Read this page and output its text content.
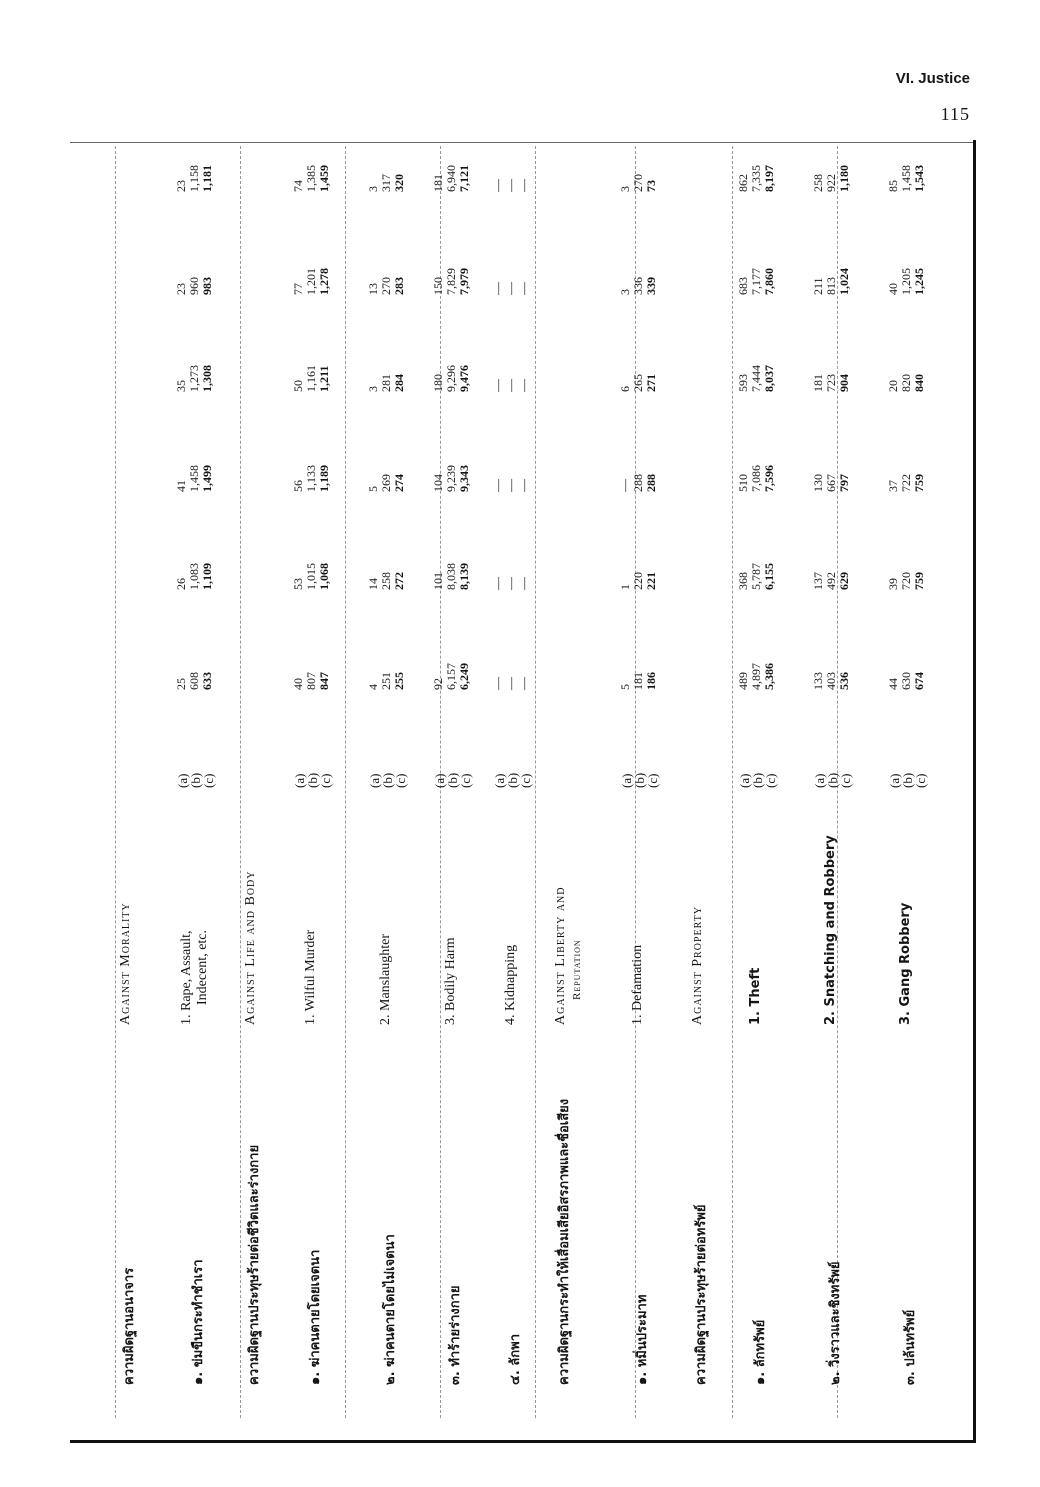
VI. Justice
115
ความผิดฐานอนาจาร
Against Morality
๑. ข่มขืนกระทำชำเรา
1. Rape, Assault, Indecent, etc.
(a)
(b)
(c)
25 608 633
26 1,083 1,109
41 1,458 1,499
35 1,273 1,308
23 960 983
23 1,158 1,181
ความผิดฐานประทุษร้ายต่อชีวิตและร่างกาย
Against Life and Body
๑. ฆ่าคนตายโดยเจตนา
1. Wilful Murder
(a)
(b)
(c)
40 807 847
53 1,015 1,068
56 1,133 1,189
50 1,161 1,211
77 1,201 1,278
74 1,385 1,459
๒. ฆ่าคนตายโดยไม่เจตนา
2. Manslaughter
(a)
(b)
(c)
4 251 255
14 258 272
5 269 274
3 281 284
13 270 283
3 317 320
๓. ทำร้ายร่างกาย
3. Bodily Harm
(a)
(b)
(c)
92 6,157 6,249
101 8,038 8,139
104 9,239 9,343
180 9,296 9,476
150 7,829 7,979
181 6,940 7,121
๔. ลักพา
4. Kidnapping
(a)
(b)
(c)
—
—
—
—
—
—
—
—
—
—
—
—
—
—
—
—
—
—
ความผิดฐานกระทำให้เสื่อมเสียอิสรภาพและชื่อเสียง
Against Liberty and Reputation
๑. หมิ่นประมาท
1. Defamation
(a)
(b)
(c)
5 181 186
1 220 221
— 288 288
6 265 271
3 336 339
3 270 73
ความผิดฐานประทุษร้ายต่อทรัพย์
Against Property
๑. ลักทรัพย์
1. Theft
(a)
(b)
(c)
489 4,897 5,386
368 5,787 6,155
510 7,086 7,596
593 7,444 8,037
683 7,177 7,860
862 7,335 8,197
๒. วิ่งราวและชิงทรัพย์
2. Snatching and Robbery
(a)
(b)
(c)
133 403 536
137 492 629
130 667 797
181 723 904
211 813 1,024
258 922 1,180
๓. ปล้นทรัพย์
3. Gang Robbery
(a)
(b)
(c)
44 630 674
39 720 759
37 722 759
20 820 840
40 1,205 1,245
85 1,458 1,543
